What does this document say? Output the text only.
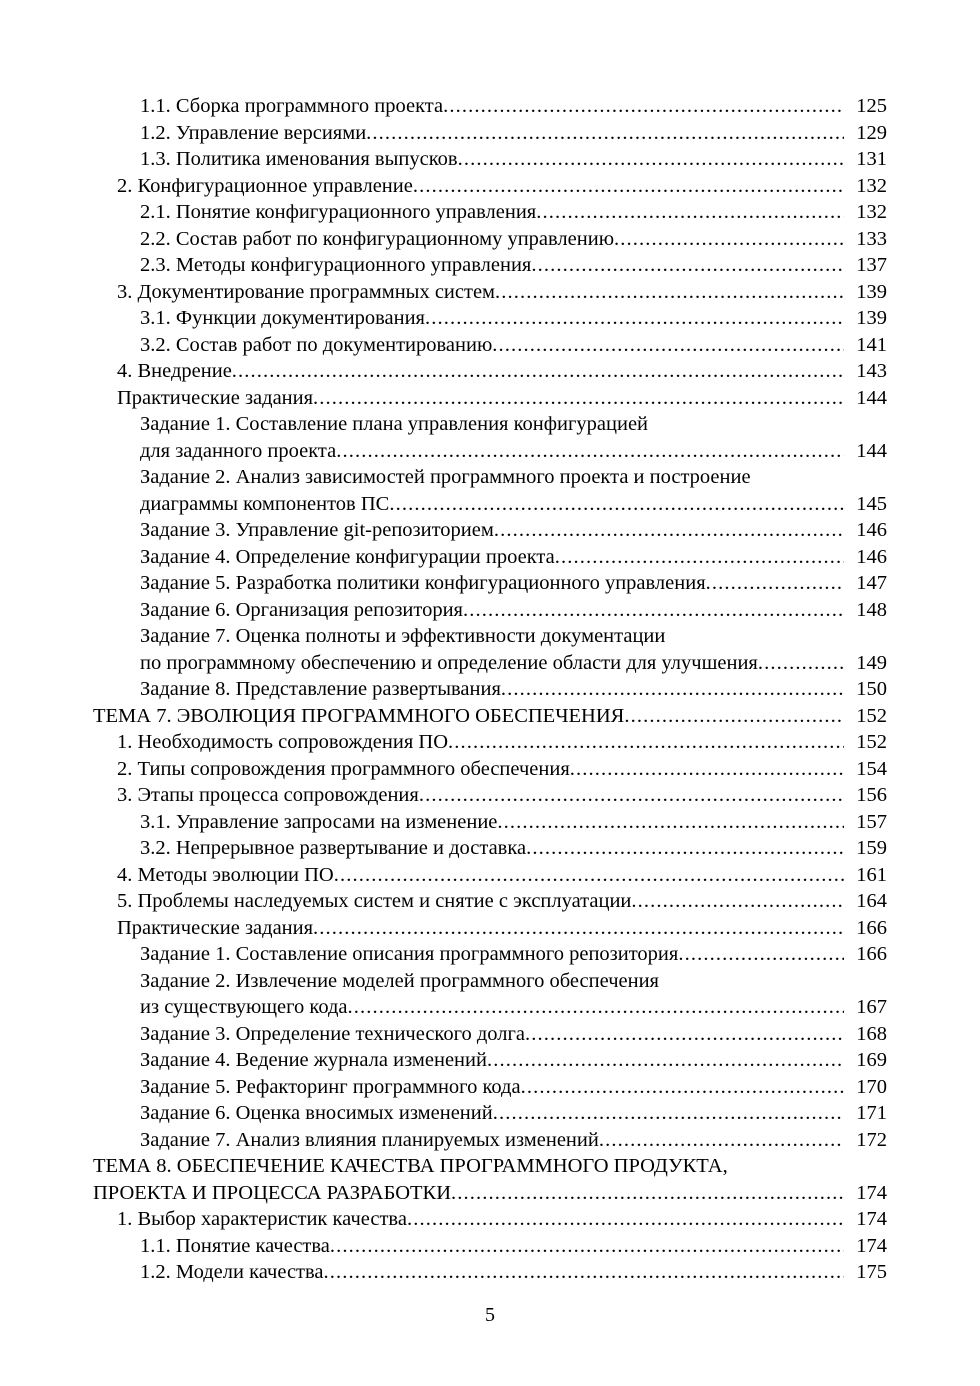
1.1. Сборка программного проекта . . .	125
1.2. Управление версиями . . .	129
1.3. Политика именования выпусков . . .	131
2. Конфигурационное управление . . .	132
2.1. Понятие конфигурационного управления . . .	132
2.2. Состав работ по конфигурационному управлению . . .	133
2.3. Методы конфигурационного управления . . .	137
3. Документирование программных систем . . .	139
3.1. Функции документирования . . .	139
3.2. Состав работ по документированию . . .	141
4. Внедрение . . .	143
Практические задания . . .	144
Задание 1. Составление плана управления конфигурацией
для заданного проекта . . .	144
Задание 2. Анализ зависимостей программного проекта и построение
диаграммы компонентов ПС . . .	145
Задание 3. Управление git-репозиторием . . .	146
Задание 4. Определение конфигурации проекта . . .	146
Задание 5. Разработка политики конфигурационного управления . . .	147
Задание 6. Организация репозитория . . .	148
Задание 7. Оценка полноты и эффективности документации
по программному обеспечению и определение области для улучшения . . .	149
Задание 8. Представление развертывания . . .	150
ТЕМА 7. ЭВОЛЮЦИЯ ПРОГРАММНОГО ОБЕСПЕЧЕНИЯ . . .	152
1. Необходимость сопровождения ПО . . .	152
2. Типы сопровождения программного обеспечения . . .	154
3. Этапы процесса сопровождения . . .	156
3.1. Управление запросами на изменение . . .	157
3.2. Непрерывное развертывание и доставка . . .	159
4. Методы эволюции ПО . . .	161
5. Проблемы наследуемых систем и снятие с эксплуатации . . .	164
Практические задания . . .	166
Задание 1. Составление описания программного репозитория . . .	166
Задание 2. Извлечение моделей программного обеспечения
из существующего кода . . .	167
Задание 3. Определение технического долга . . .	168
Задание 4. Ведение журнала изменений . . .	169
Задание 5. Рефакторинг программного кода . . .	170
Задание 6. Оценка вносимых изменений . . .	171
Задание 7. Анализ влияния планируемых изменений . . .	172
ТЕМА 8. ОБЕСПЕЧЕНИЕ КАЧЕСТВА ПРОГРАММНОГО ПРОДУКТА,
ПРОЕКТА И ПРОЦЕССА РАЗРАБОТКИ . . .	174
1. Выбор характеристик качества . . .	174
1.1. Понятие качества . . .	174
1.2. Модели качества . . .	175
5
